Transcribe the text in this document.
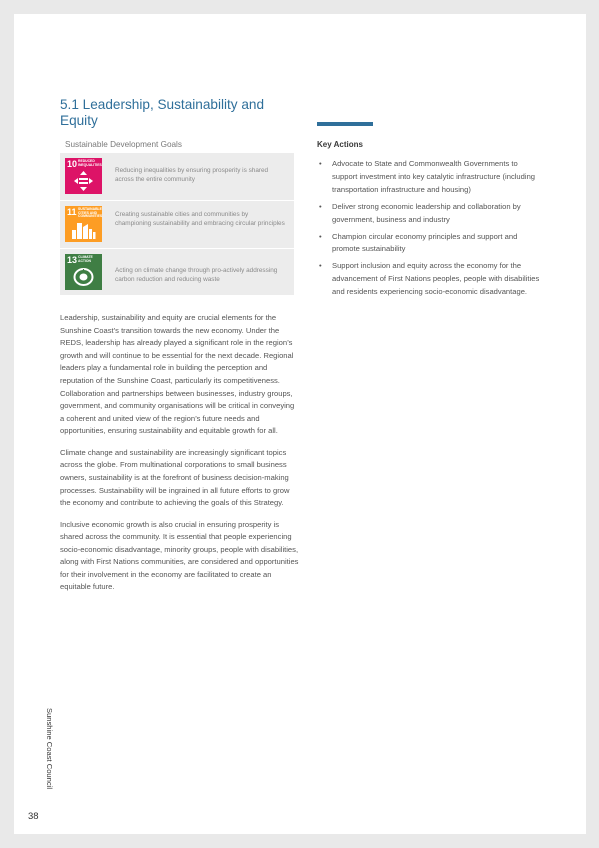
5.1 Leadership, Sustainability and Equity
Sustainable Development Goals
10 REDUCED INEQUALITIES
Reducing inequalities by ensuring prosperity is shared across the entire community
11 SUSTAINABLE CITIES AND COMMUNITIES Creating sustainable cities and communities by championing sustainability and embracing circular principles
13 CLIMATE ACTION
Acting on climate change through pro-actively addressing carbon reduction and reducing waste

Leadership, sustainability and equity are crucial elements for the Sunshine Coast’s transition towards the new economy. Under the REDS, leadership has already played a significant role in the region’s growth and will continue to be essential for the next decade. Regional leaders play a fundamental role in building the perception and reputation of the Sunshine Coast, particularly its competitiveness. Collaboration and partnerships between businesses, industry groups, government, and community organisations will be critical in conveying a coherent and united view of the region’s future needs and opportunities, ensuring sustainability and equitable growth for all.

Climate change and sustainability are increasingly significant topics across the globe. From multinational corporations to small business owners, sustainability is at the forefront of business decision-making processes. Sustainability will be ingrained in all future efforts to grow the economy and contribute to achieving the goals of this Strategy.

Inclusive economic growth is also crucial in ensuring prosperity is shared across the community. It is essential that people experiencing socio-economic disadvantage, minority groups, people with disabilities, along with First Nations communities, are considered and opportunities for their involvement in the economy are facilitated to create an equitable future.

Key Actions
• Advocate to State and Commonwealth Governments to support investment into key catalytic infrastructure (including transportation infrastructure and housing)
• Deliver strong economic leadership and collaboration by government, business and industry
• Champion circular economy principles and support and promote sustainability
• Support inclusion and equity across the economy for the advancement of First Nations peoples, people with disabilities and residents experiencing socio-economic disadvantage.
Sunshine Coast Council
38
